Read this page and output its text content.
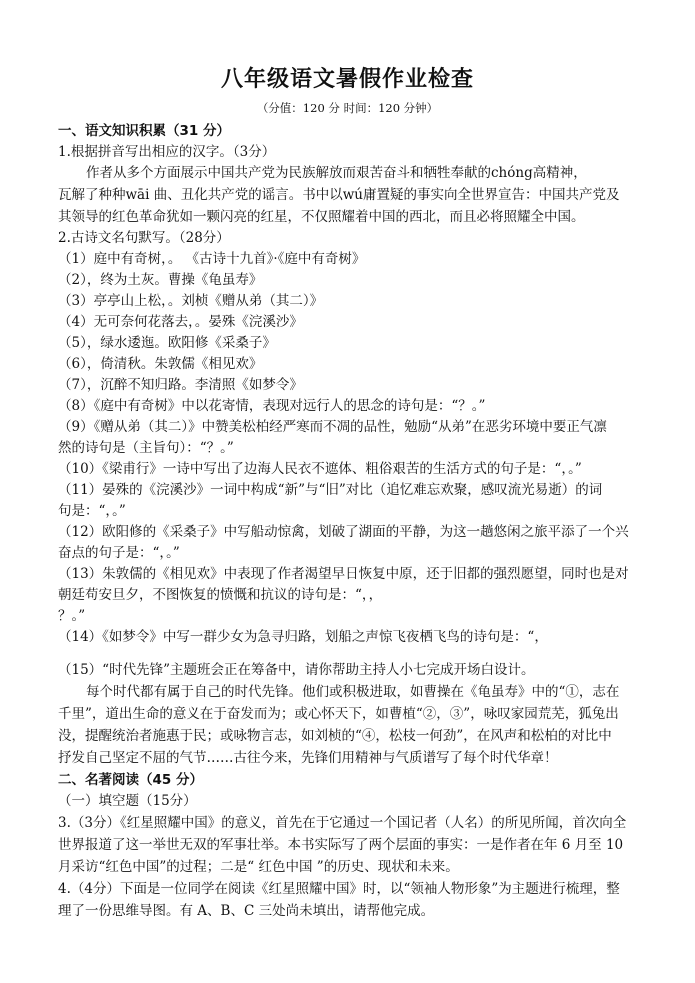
八年级语文暑假作业检查
（分值：120 分 时间：120 分钟）
一、语文知识积累（31 分）
1.根据拼音写出相应的汉字。（3分）
作者从多个方面展示中国共产党为民族解放而艰苦奋斗和牺牲奉献的chóng高精神，
瓦解了种种wāi 曲、丑化共产党的谣言。书中以wú庸置疑的事实向全世界宣告：中国共产党及
其领导的红色革命犹如一颗闪亮的红星，不仅照耀着中国的西北，而且必将照耀全中国。
2.古诗文名句默写。（28分）
（1）庭中有奇树，。 《古诗十九首》·《庭中有奇树》
（2），终为土灰。曹操《龟虽寿》
（3）亭亭山上松，。刘桢《赠从弟（其二）》
（4）无可奈何花落去，。晏殊《浣溪沙》
（5），绿水逶迤。欧阳修《采桑子》
（6），倚清秋。朱敦儒《相见欢》
（7），沉醉不知归路。李清照《如梦令》
（8）《庭中有奇树》中以花寄情，表现对远行人的思念的诗句是：“？。”
（9）《赠从弟（其二）》中赞美松柏经严寒而不凋的品性，勉励“从弟”在恶劣环境中要正气凛
然的诗句是（主旨句）：“？。”
（10）《梁甫行》一诗中写出了边海人民衣不遮体、粗俗艰苦的生活方式的句子是：“，。”
（11）晏殊的《浣溪沙》一词中构成“新”与“旧”对比（追忆难忘欢聚，感叹流光易逝）的词
句是：“，。”
（12）欧阳修的《采桑子》中写船动惊禽，划破了湖面的平静，为这一趟悠闲之旅平添了一个兴
奋点的句子是：“，。”
（13）朱敦儒的《相见欢》中表现了作者渴望早日恢复中原，还于旧都的强烈愿望，同时也是对
朝廷苟安旦夕，不图恢复的愤慨和抗议的诗句是：“，，
？。”
（14）《如梦令》中写一群少女为急寻归路，划船之声惊飞夜栖飞鸟的诗句是：“，
（15）“时代先锋”主题班会正在筹备中，请你帮助主持人小七完成开场白设计。
每个时代都有属于自己的时代先锋。他们或积极进取，如曹操在《龟虽寿》中的“①，志在
千里”，道出生命的意义在于奋发而为；或心怀天下，如曹植“②，③”，咏叹家园荒芜，狐兔出
没，提醒统治者施惠于民；或咏物言志，如刘桢的“④，松枝一何劲”，在风声和松柏的对比中
抒发自己坚定不屈的气节……古往今来，先锋们用精神与气质谱写了每个时代华章！
二、名著阅读（45 分）
（一）填空题（15分）
3.（3分）《红星照耀中国》的意义，首先在于它通过一个国记者（人名）的所见所闻，首次向全
世界报道了这一举世无双的军事壮举。本书实际写了两个层面的事实：一是作者在年 6 月至 10
月采访“红色中国”的过程；二是“ 红色中国 ”的历史、现状和未来。
4.（4分）下面是一位同学在阅读《红星照耀中国》时，以“领袖人物形象”为主题进行梳理，整
理了一份思维导图。有 A、B、C 三处尚未填出，请帮他完成。
